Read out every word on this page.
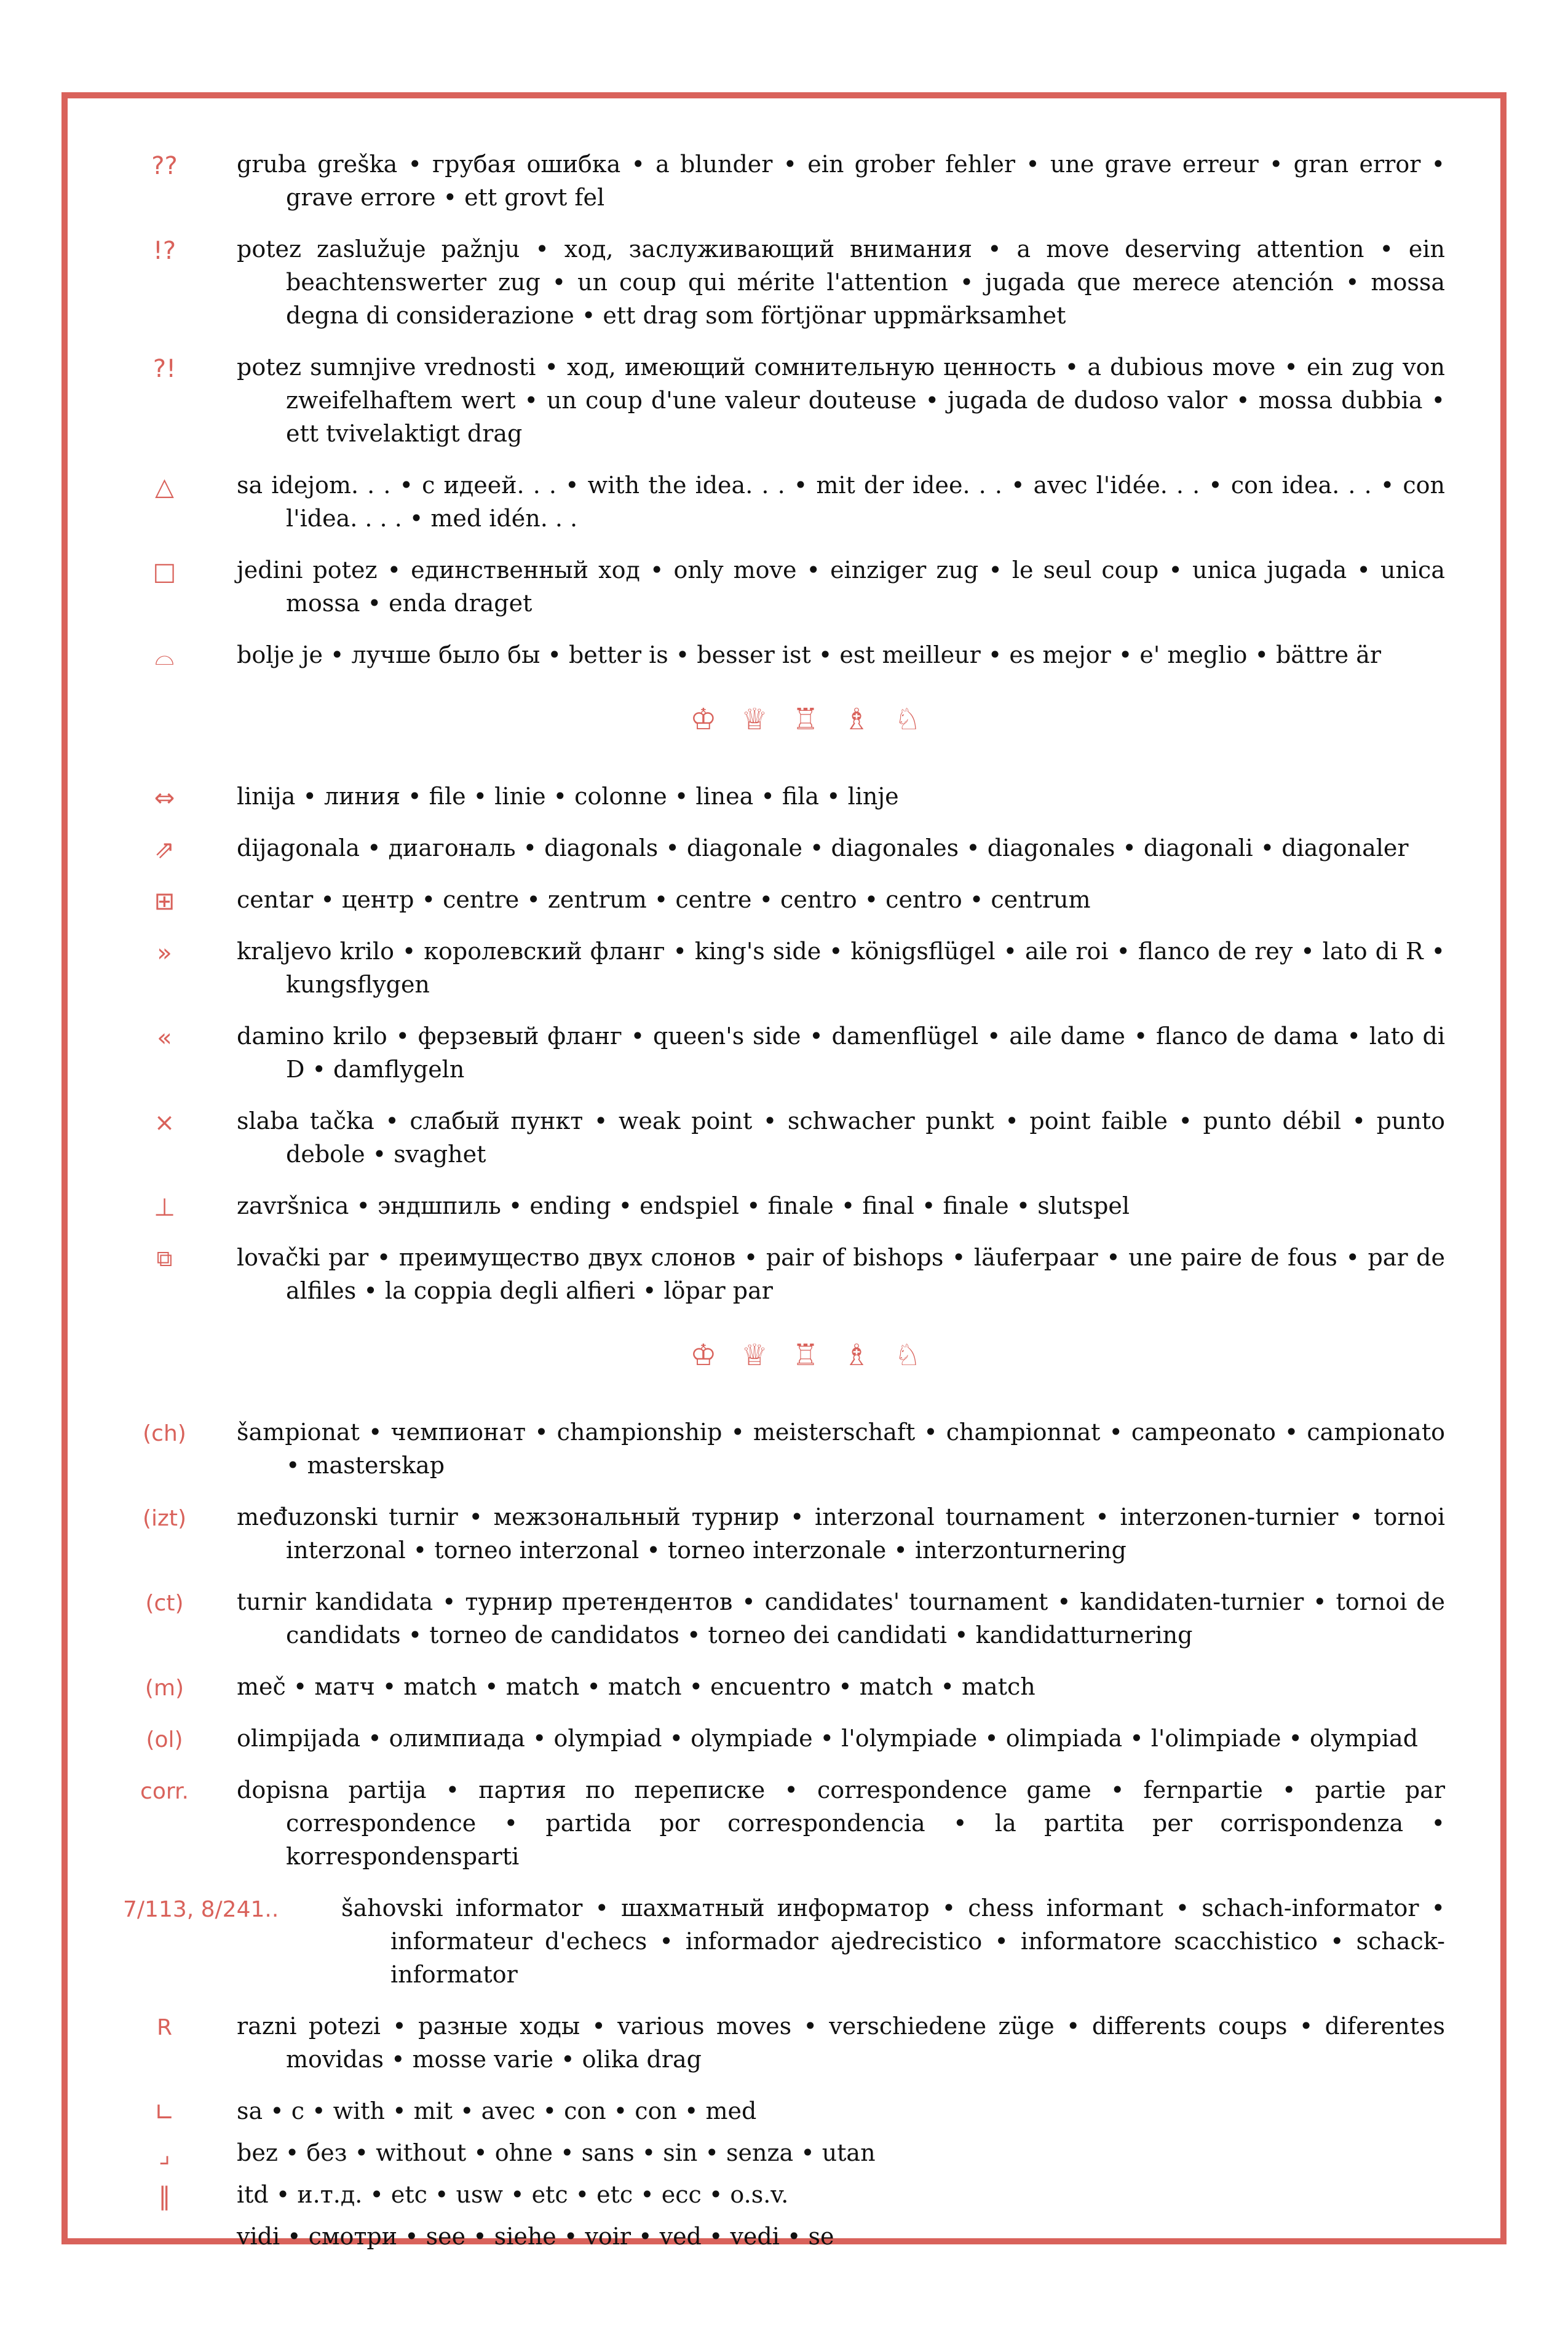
??	gruba greška • грубая ошибка • a blunder • ein grober fehler • une grave erreur • gran error • grave errore • ett grovt fel
!?	potez zaslužuje pažnju • ход, заслуживающий внимания • a move deserving attention • ein beachtenswerter zug • un coup qui mérite l'attention • jugada que merece atención • mossa degna di considerazione • ett drag som förtjönar uppmärksamhet
?!	potez sumnjive vrednosti • ход, имеющий сомнительную ценность • a dubious move • ein zug von zweifelhaftem wert • un coup d'une valeur douteuse • jugada de dudoso valor • mossa dubbia • ett tvivelaktigt drag
△	sa idejom. . . • с идеей. . . • with the idea. . . • mit der idee. . . • avec l'idée. . . • con idea. . . • con l'idea. . . . • med idén. . .
□	jedini potez • единственный ход • only move • einziger zug • le seul coup • unica jugada • unica mossa • enda draget
⌓	bolje je • лучше было бы • better is • besser ist • est meilleur • es mejor • e' meglio • bättre är
♔♕♖♗♘
⇔	linija • линия • file • linie • colonne • linea • fila • linje
⇗	dijagonala • диагональ • diagonals • diagonale • diagonales • diagonales • diagonali • diagonaler
⊞	centar • центр • centre • zentrum • centre • centro • centro • centrum
»	kraljevo krilo • королевский фланг • king's side • königsflügel • aile roi • flanco de rey • lato di R • kungsflygen
«	damino krilo • ферзевый фланг • queen's side • damenflügel • aile dame • flanco de dama • lato di D • damflygeln
×	slaba tačka • слабый пункт • weak point • schwacher punkt • point faible • punto débil • punto debole • svaghet
⊥	završnica • эндшпиль • ending • endspiel • finale • final • finale • slutspel
⧉	lovački par • преимущество двух слонов • pair of bishops • läuferpaar • une paire de fous • par de alfiles • la coppia degli alfieri • löpar par
♔♕♖♗♘
(ch)	šampionat • чемпионат • championship • meisterschaft • championnat • campeonato • campionato • masterskap
(izt)	međuzonski turnir • межзональный турнир • interzonal tournament • interzonen-turnier • tornoi interzonal • torneo interzonal • torneo interzonale • interzonturnering
(ct)	turnir kandidata • турнир претендентов • candidates' tournament • kandidaten-turnier • tornoi de candidats • torneo de candidatos • torneo dei candidati • kandidatturnering
(m)	meč • матч • match • match • match • encuentro • match • match
(ol)	olimpijada • олимпиада • olympiad • olympiade • l'olympiade • olimpiada • l'olimpiade • olympiad
corr.	dopisna partija • партия по переписке • correspondence game • fernpartie • partie par correspondence • partida por correspondencia • la partita per corrispondenza • korrespondensparti
7/113, 8/241..	šahovski informator • шахматный информатор • chess informant • schach-informator • informateur d'echecs • informador ajedrecistico • informatore scacchistico • schack-informator
R	razni potezi • разные ходы • various moves • verschiedene züge • differents coups • diferentes movidas • mosse varie • olika drag
∟	sa • с • with • mit • avec • con • con • med
⌟	bez • без • without • ohne • sans • sin • senza • utan
‖	itd • и.т.д. • etc • usw • etc • etc • ecc • o.s.v.
—	vidi • смотри • see • siehe • voir • ved • vedi • se
